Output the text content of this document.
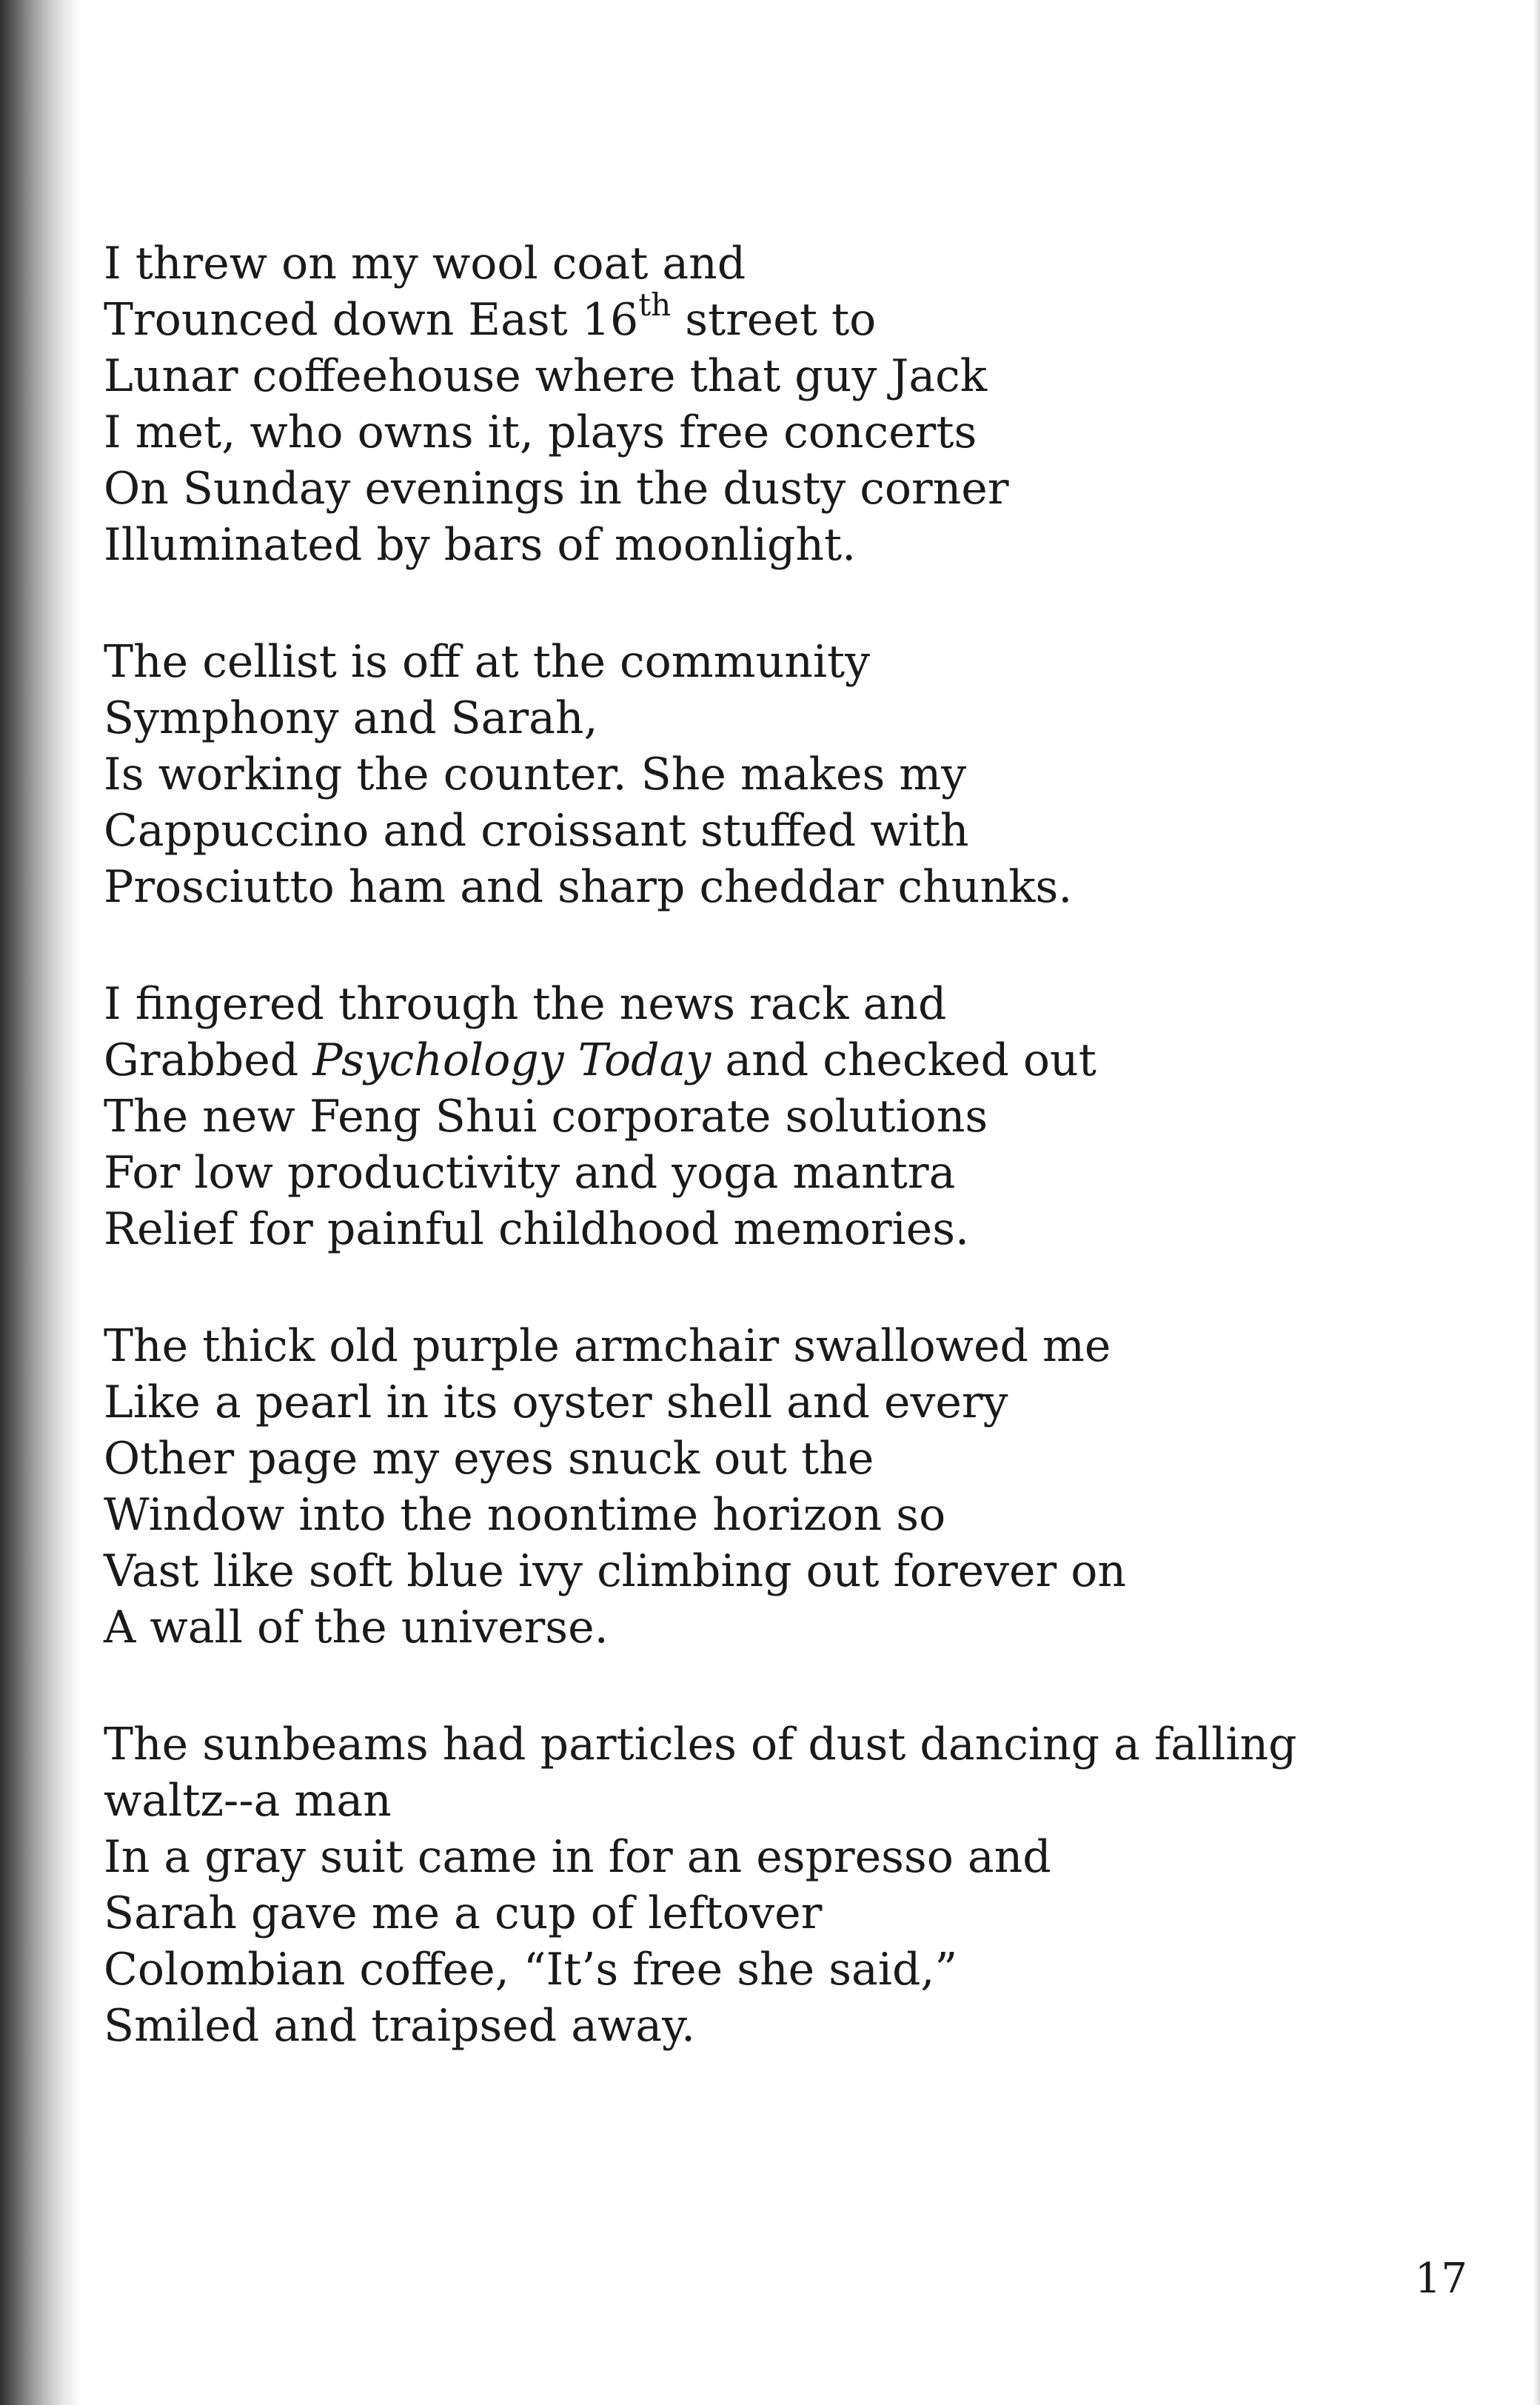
I threw on my wool coat and
Trounced down East 16th street to
Lunar coffeehouse where that guy Jack
I met, who owns it, plays free concerts
On Sunday evenings in the dusty corner
Illuminated by bars of moonlight.
The cellist is off at the community
Symphony and Sarah,
Is working the counter. She makes my
Cappuccino and croissant stuffed with
Prosciutto ham and sharp cheddar chunks.
I fingered through the news rack and
Grabbed Psychology Today and checked out
The new Feng Shui corporate solutions
For low productivity and yoga mantra
Relief for painful childhood memories.
The thick old purple armchair swallowed me
Like a pearl in its oyster shell and every
Other page my eyes snuck out the
Window into the noontime horizon so
Vast like soft blue ivy climbing out forever on
A wall of the universe.
The sunbeams had particles of dust dancing a falling
waltz--a man
In a gray suit came in for an espresso and
Sarah gave me a cup of leftover
Colombian coffee, “It’s free she said,”
Smiled and traipsed away.
17
